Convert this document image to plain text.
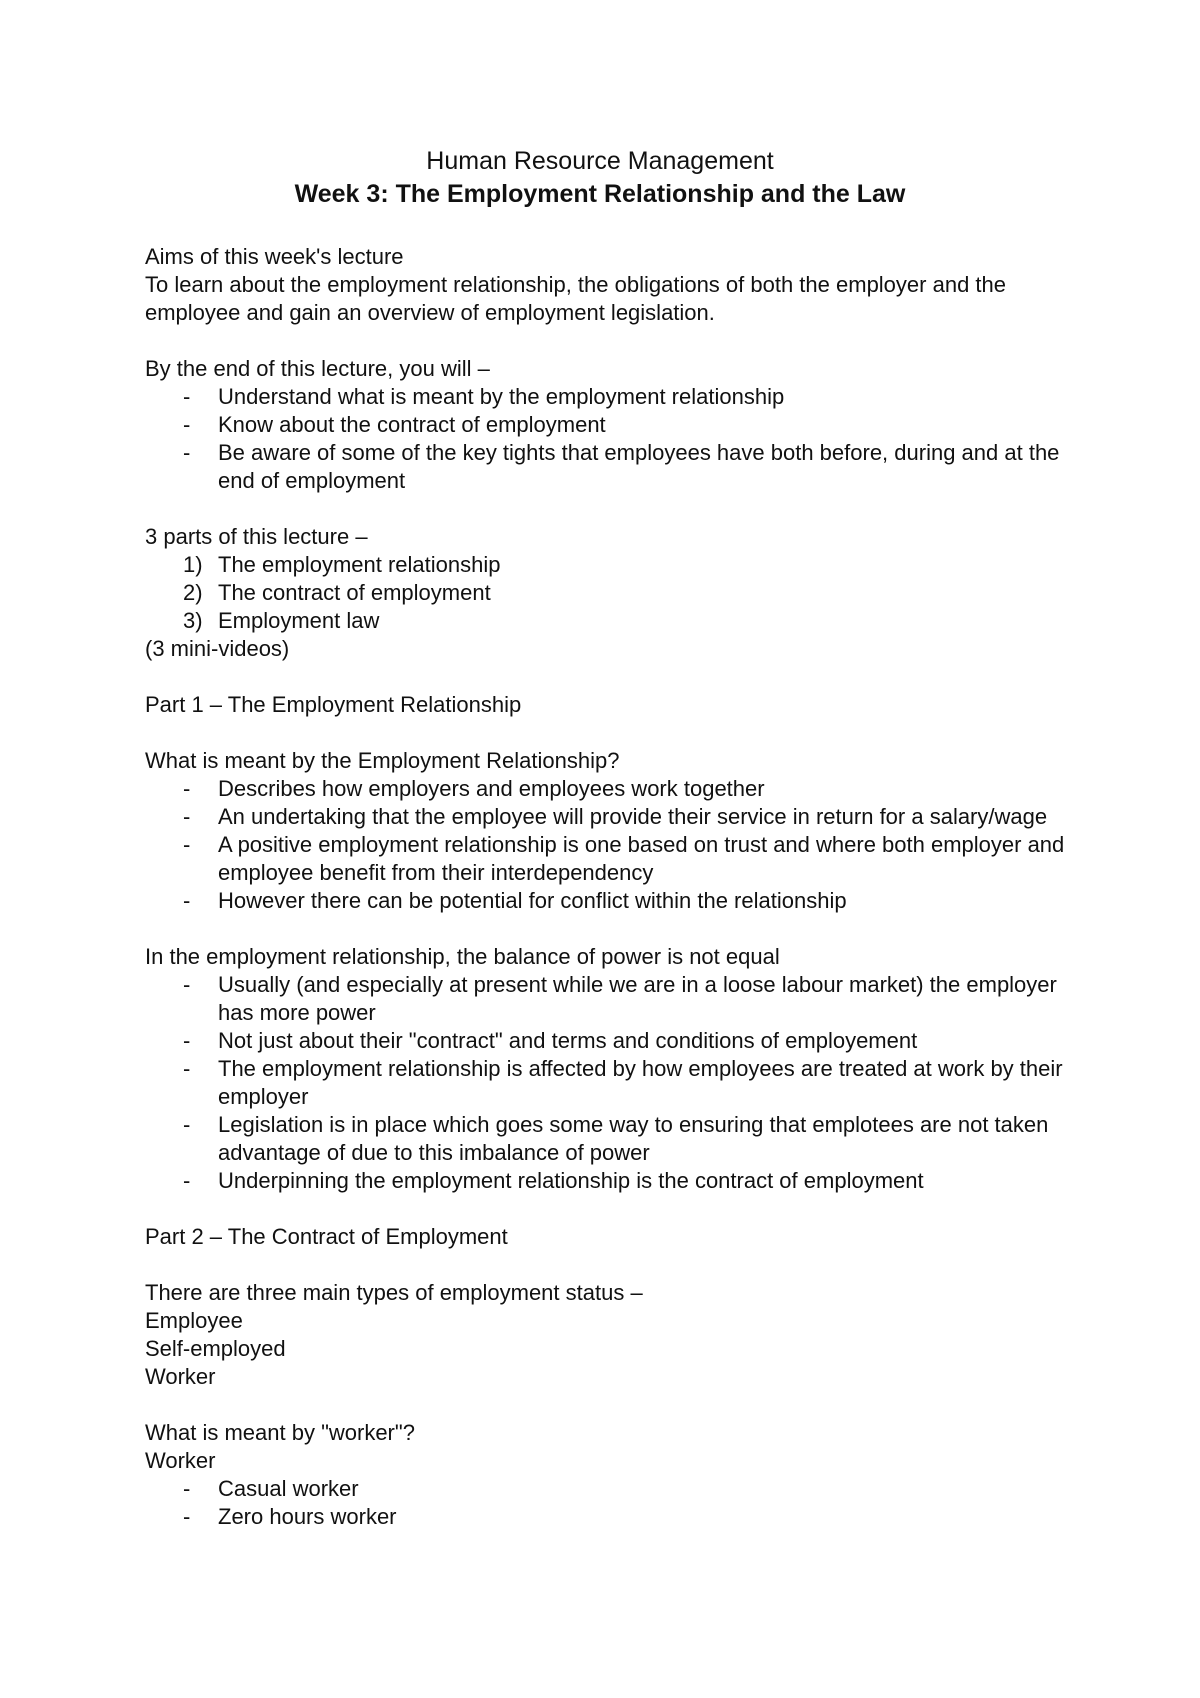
Human Resource Management
Week 3: The Employment Relationship and the Law

Aims of this week's lecture

To learn about the employment relationship, the obligations of both the employer and the employee and gain an overview of employment legislation.

By the end of this lecture, you will –

- Understand what is meant by the employment relationship
- Know about the contract of employment
- Be aware of some of the key tights that employees have both before, during and at the end of employment

3 parts of this lecture –

1) The employment relationship
2) The contract of employment
3) Employment law

(3 mini-videos)

Part 1 – The Employment Relationship

What is meant by the Employment Relationship?

- Describes how employers and employees work together
- An undertaking that the employee will provide their service in return for a salary/wage
- A positive employment relationship is one based on trust and where both employer and employee benefit from their interdependency
- However there can be potential for conflict within the relationship

In the employment relationship, the balance of power is not equal

- Usually (and especially at present while we are in a loose labour market) the employer has more power
- Not just about their "contract" and terms and conditions of employement
- The employment relationship is affected by how employees are treated at work by their employer
- Legislation is in place which goes some way to ensuring that emplotees are not taken advantage of due to this imbalance of power
- Underpinning the employment relationship is the contract of employment

Part 2 – The Contract of Employment

There are three main types of employment status –

Employee

Self-employed

Worker

What is meant by "worker"?

Worker

- Casual worker
- Zero hours worker
